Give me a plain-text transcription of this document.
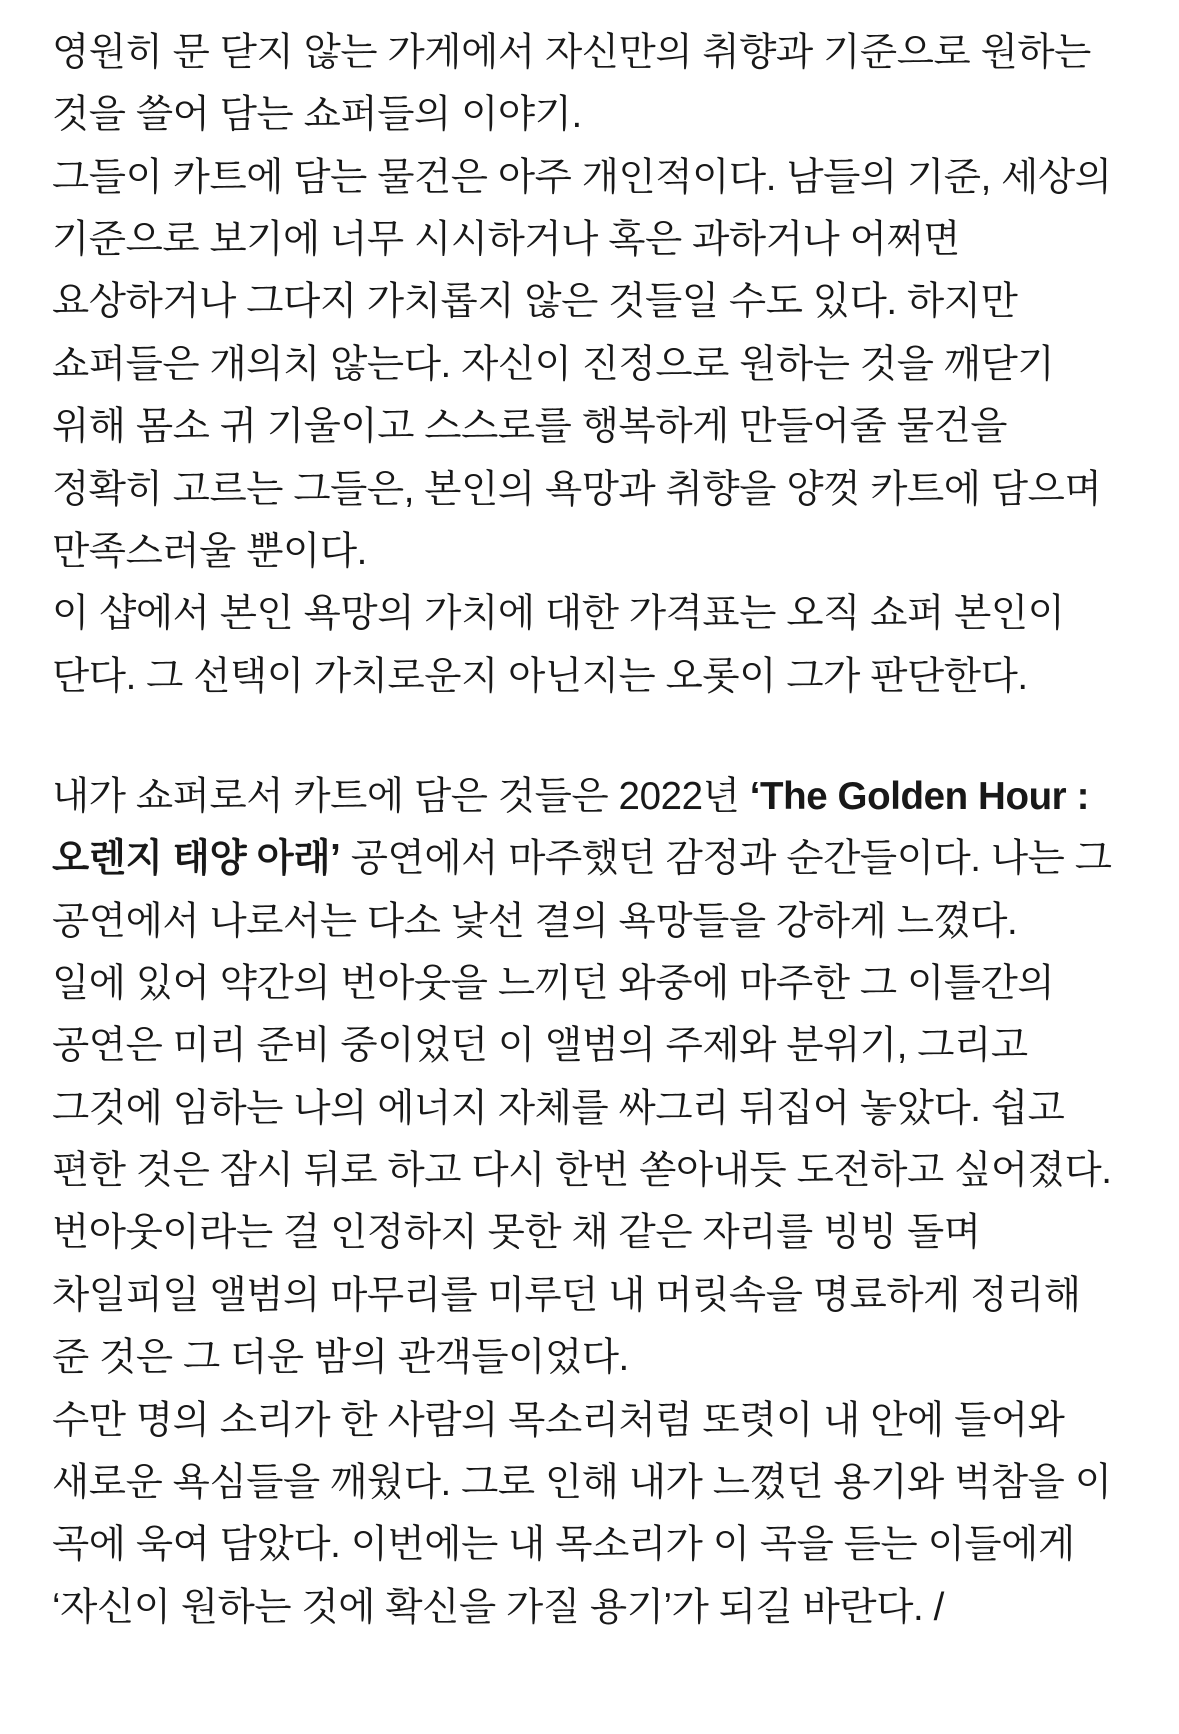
영원히 문 닫지 않는 가게에서 자신만의 취향과 기준으로 원하는 것을 쓸어 담는 쇼퍼들의 이야기.

그들이 카트에 담는 물건은 아주 개인적이다. 남들의 기준, 세상의 기준으로 보기에 너무 시시하거나 혹은 과하거나 어쩌면 요상하거나 그다지 가치롭지 않은 것들일 수도 있다. 하지만 쇼퍼들은 개의치 않는다. 자신이 진정으로 원하는 것을 깨닫기 위해 몸소 귀 기울이고 스스로를 행복하게 만들어줄 물건을 정확히 고르는 그들은, 본인의 욕망과 취향을 양껏 카트에 담으며 만족스러울 뿐이다.

이 샵에서 본인 욕망의 가치에 대한 가격표는 오직 쇼퍼 본인이 단다. 그 선택이 가치로운지 아닌지는 오롯이 그가 판단한다.

내가 쇼퍼로서 카트에 담은 것들은 2022년 ‘The Golden Hour : 오렌지 태양 아래’ 공연에서 마주했던 감정과 순간들이다. 나는 그 공연에서 나로서는 다소 낯선 결의 욕망들을 강하게 느꼈다.

일에 있어 약간의 번아웃을 느끼던 와중에 마주한 그 이틀간의 공연은 미리 준비 중이었던 이 앨범의 주제와 분위기, 그리고 그것에 임하는 나의 에너지 자체를 싸그리 뒤집어 놓았다. 쉽고 편한 것은 잠시 뒤로 하고 다시 한번 쏟아내듯 도전하고 싶어졌다. 번아웃이라는 걸 인정하지 못한 채 같은 자리를 빙빙 돌며 차일피일 앨범의 마무리를 미루던 내 머릿속을 명료하게 정리해 준 것은 그 더운 밤의 관객들이었다.

수만 명의 소리가 한 사람의 목소리처럼 또렷이 내 안에 들어와 새로운 욕심들을 깨웠다. 그로 인해 내가 느꼈던 용기와 벅참을 이 곡에 욱여 담았다. 이번에는 내 목소리가 이 곡을 듣는 이들에게 ‘자신이 원하는 것에 확신을 가질 용기’가 되길 바란다. /
